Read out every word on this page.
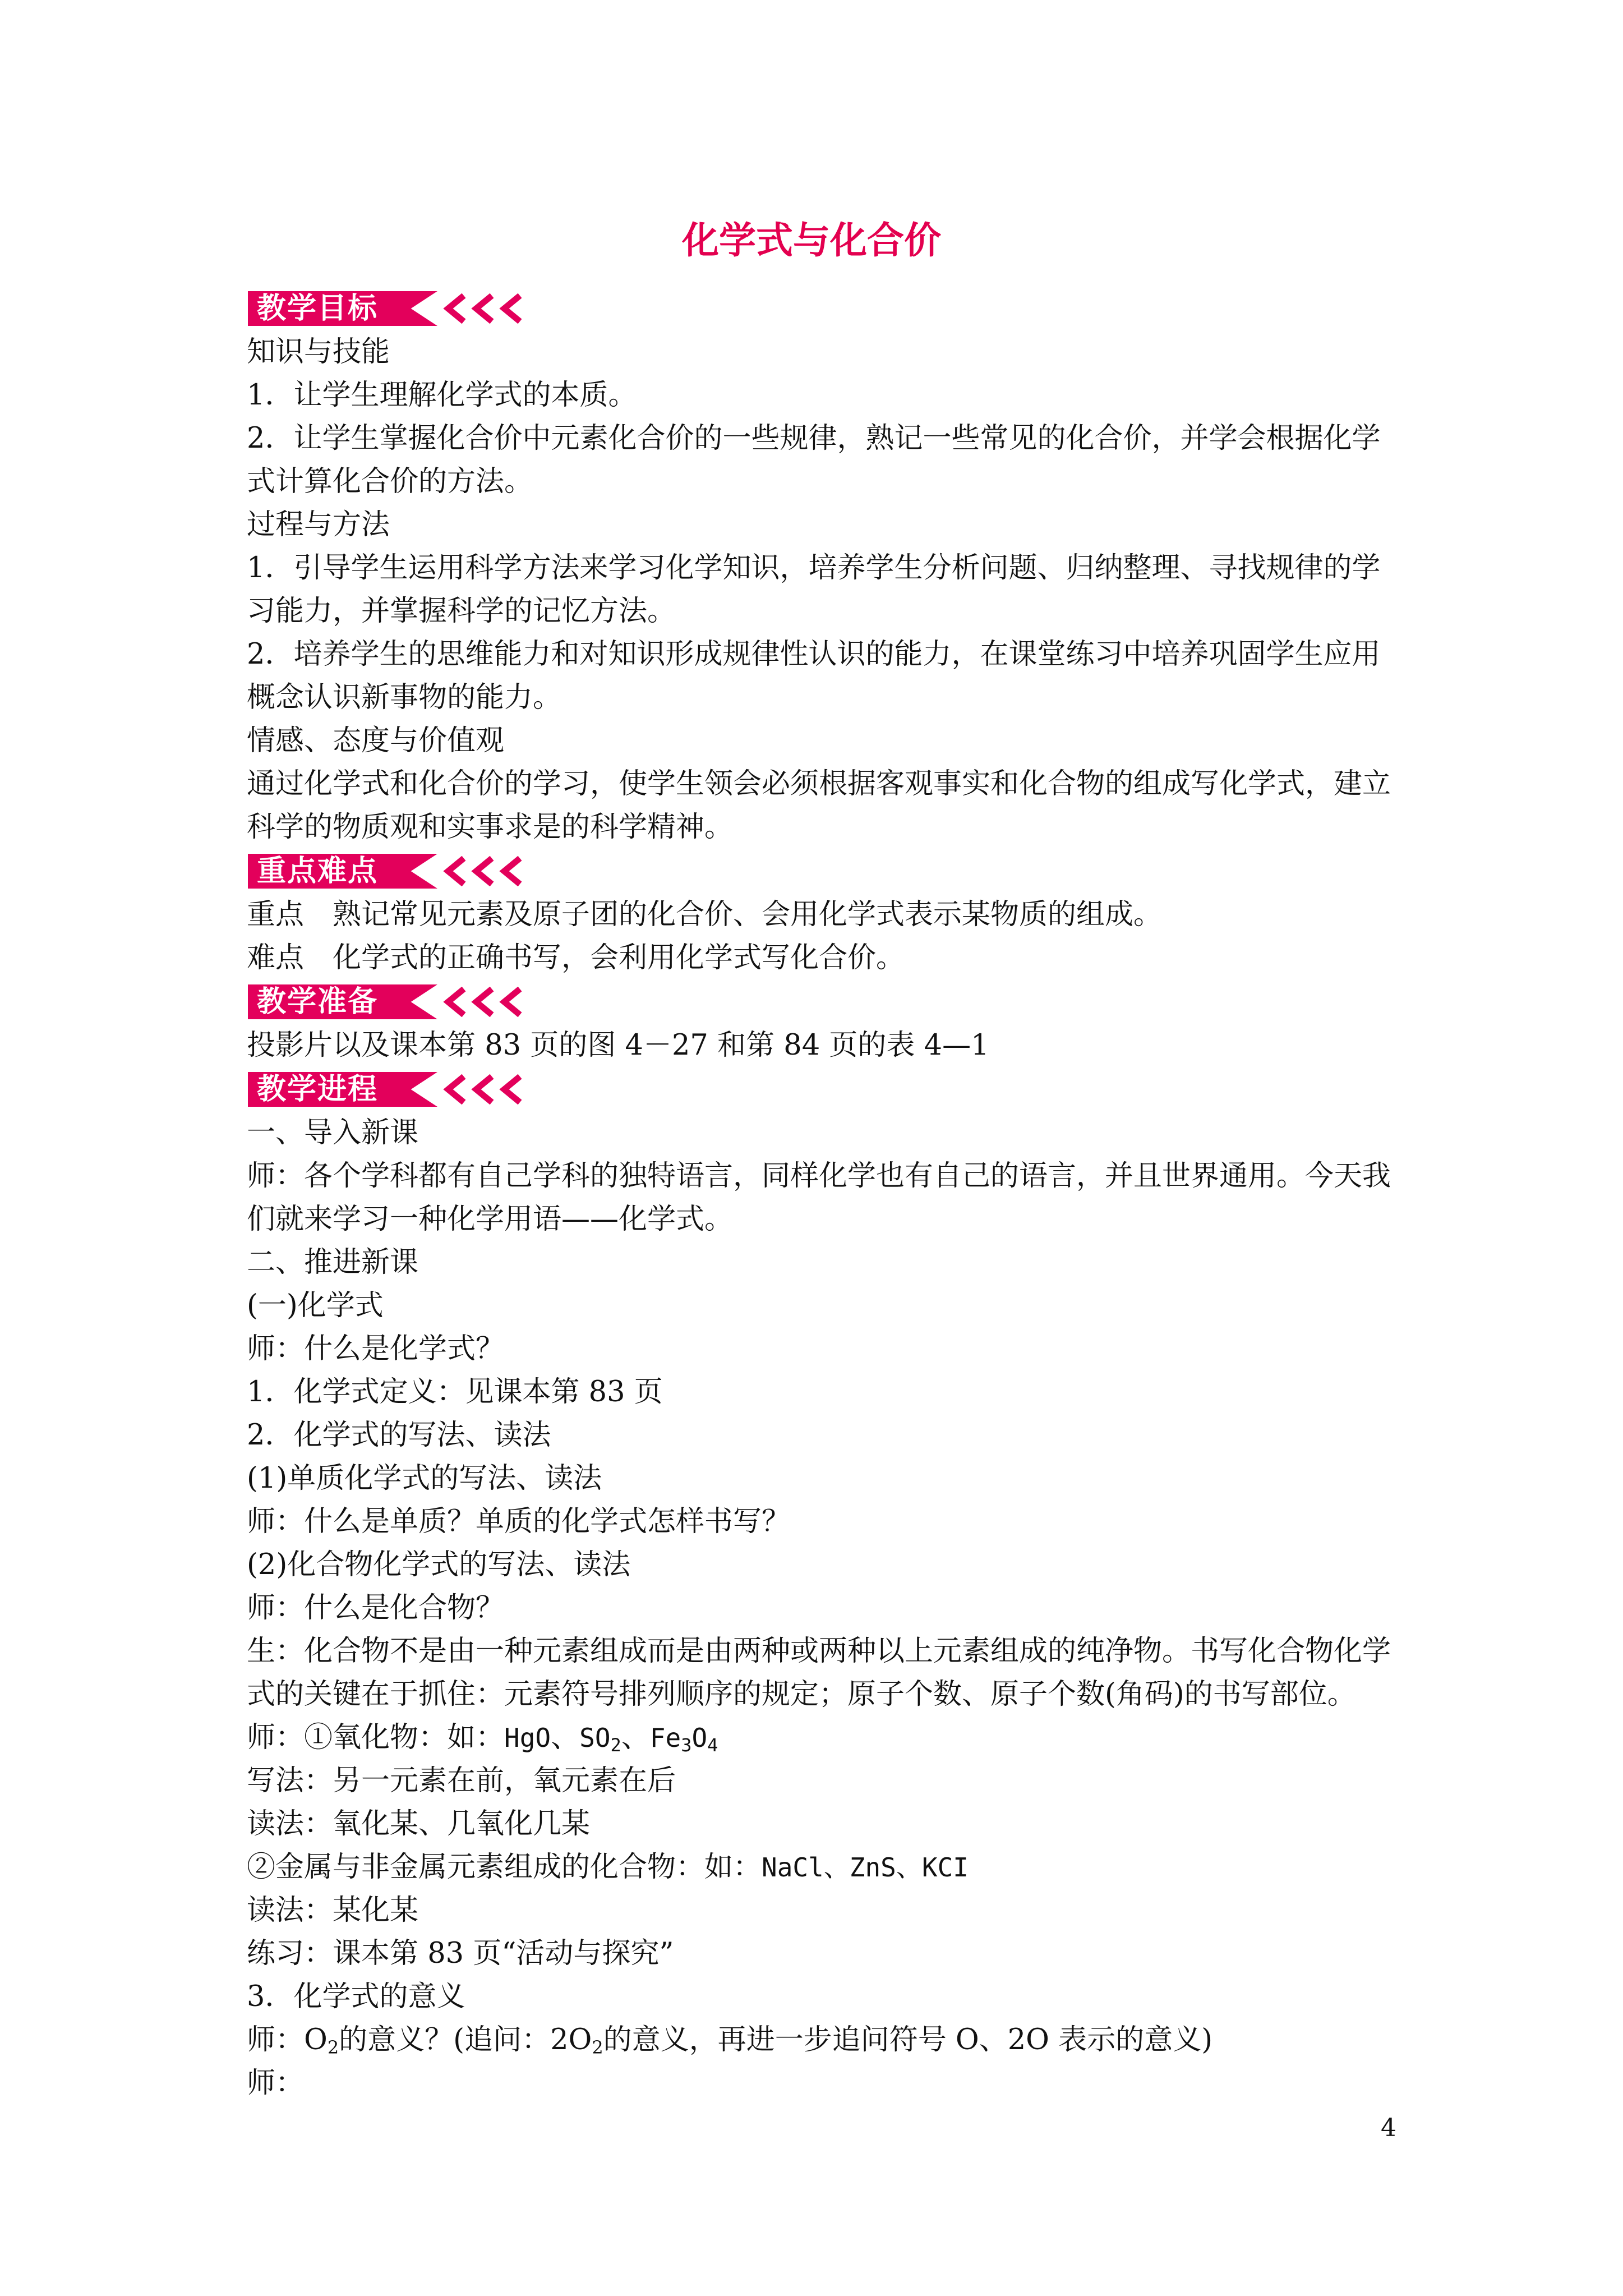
化学式与化合价
教学目标

知识与技能

1．让学生理解化学式的本质。

2．让学生掌握化合价中元素化合价的一些规律，熟记一些常见的化合价，并学会根据化学

式计算化合价的方法。

过程与方法

1．引导学生运用科学方法来学习化学知识，培养学生分析问题、归纳整理、寻找规律的学

习能力，并掌握科学的记忆方法。

2．培养学生的思维能力和对知识形成规律性认识的能力，在课堂练习中培养巩固学生应用

概念认识新事物的能力。

情感、态度与价值观

通过化学式和化合价的学习，使学生领会必须根据客观事实和化合物的组成写化学式，建立

科学的物质观和实事求是的科学精神。

重点难点

重点　熟记常见元素及原子团的化合价、会用化学式表示某物质的组成。

难点　化学式的正确书写，会利用化学式写化合价。

教学准备

投影片以及课本第 83 页的图 4－27 和第 84 页的表 4—1

教学进程

一、导入新课

师：各个学科都有自己学科的独特语言，同样化学也有自己的语言，并且世界通用。今天我

们就来学习一种化学用语——化学式。

二、推进新课

(一)化学式

师：什么是化学式？

1．化学式定义：见课本第 83 页

2．化学式的写法、读法

(1)单质化学式的写法、读法

师：什么是单质？单质的化学式怎样书写？

(2)化合物化学式的写法、读法

师：什么是化合物？

生：化合物不是由一种元素组成而是由两种或两种以上元素组成的纯净物。书写化合物化学

式的关键在于抓住：元素符号排列顺序的规定；原子个数、原子个数(角码)的书写部位。

师：①氧化物：如：HgO、$SO_2$、$Fe_3O_4$

写法：另一元素在前，氧元素在后

读法：氧化某、几氧化几某

②金属与非金属元素组成的化合物：如：NaCl、ZnS、KCI

读法：某化某

练习：课本第 83 页“活动与探究”

3．化学式的意义

师：$O_2$的意义？(追问：$2O_2$的意义，再进一步追问符号 O、2O 表示的意义)

师：

4
